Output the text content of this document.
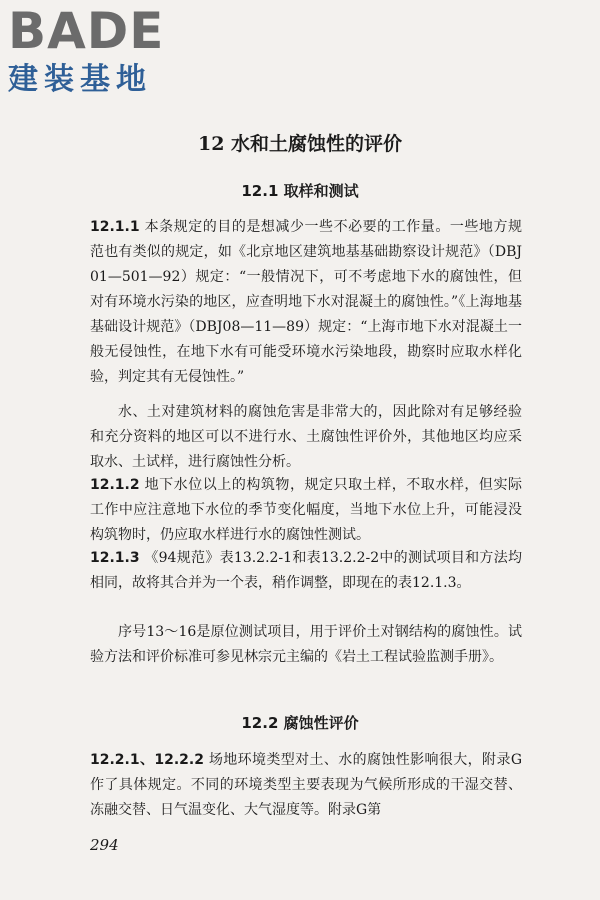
BADE
建装基地
12 水和土腐蚀性的评价
12.1 取样和测试
12.1.1 本条规定的目的是想减少一些不必要的工作量。一些地方规范也有类似的规定，如《北京地区建筑地基基础勘察设计规范》（DBJ01—501—92）规定：“一般情况下，可不考虑地下水的腐蚀性，但对有环境水污染的地区，应查明地下水对混凝土的腐蚀性。”《上海地基基础设计规范》（DBJ08—11—89）规定：“上海市地下水对混凝土一般无侵蚀性，在地下水有可能受环境水污染地段，勘察时应取水样化验，判定其有无侵蚀性。”
水、土对建筑材料的腐蚀危害是非常大的，因此除对有足够经验和充分资料的地区可以不进行水、土腐蚀性评价外，其他地区均应采取水、土试样，进行腐蚀性分析。
12.1.2 地下水位以上的构筑物，规定只取土样，不取水样，但实际工作中应注意地下水位的季节变化幅度，当地下水位上升，可能浸没构筑物时，仍应取水样进行水的腐蚀性测试。
12.1.3 《94规范》表13.2.2-1和表13.2.2-2中的测试项目和方法均相同，故将其合并为一个表，稍作调整，即现在的表12.1.3。
序号13～16是原位测试项目，用于评价土对钢结构的腐蚀性。试验方法和评价标准可参见林宗元主编的《岩土工程试验监测手册》。
12.2 腐蚀性评价
12.2.1、12.2.2 场地环境类型对土、水的腐蚀性影响很大，附录G作了具体规定。不同的环境类型主要表现为气候所形成的干湿交替、冻融交替、日气温变化、大气湿度等。附录G第
294
